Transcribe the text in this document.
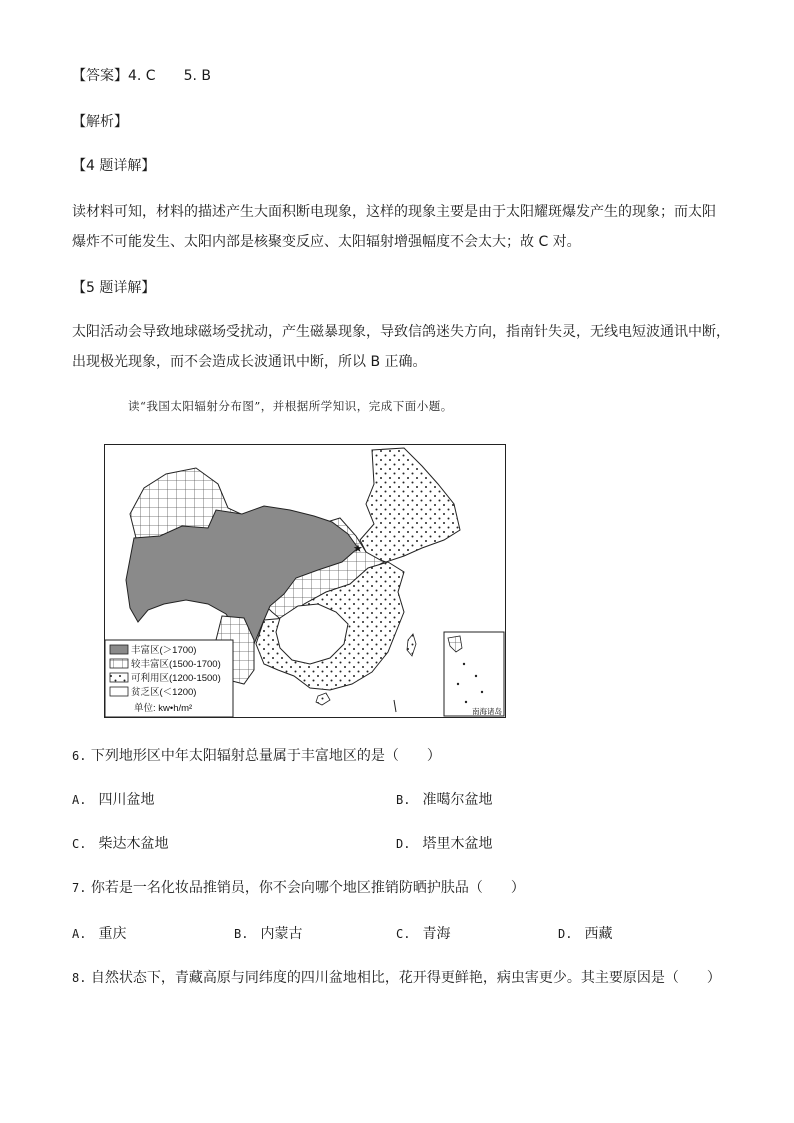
【答案】4. C　　5. B
【解析】
【4 题详解】
读材料可知，材料的描述产生大面积断电现象，这样的现象主要是由于太阳耀斑爆发产生的现象；而太阳
爆炸不可能发生、太阳内部是核聚变反应、太阳辐射增强幅度不会太大；故 C 对。
【5 题详解】
太阳活动会导致地球磁场受扰动，产生磁暴现象，导致信鸽迷失方向，指南针失灵，无线电短波通讯中断，
出现极光现象，而不会造成长波通讯中断，所以 B 正确。
读“我国太阳辐射分布图”，并根据所学知识，完成下面小题。
★
南海诸岛
丰富区(＞1700)
较丰富区(1500-1700)
可利用区(1200-1500)
贫乏区(＜1200)
单位: kw•h/m²
6. 下列地形区中年太阳辐射总量属于丰富地区的是（　　）
A. 四川盆地	B. 准噶尔盆地
C. 柴达木盆地	D. 塔里木盆地
7. 你若是一名化妆品推销员，你不会向哪个地区推销防晒护肤品（　　）
A. 重庆	B. 内蒙古	C. 青海	D. 西藏
8. 自然状态下，青藏高原与同纬度的四川盆地相比，花开得更鲜艳，病虫害更少。其主要原因是（　　）
